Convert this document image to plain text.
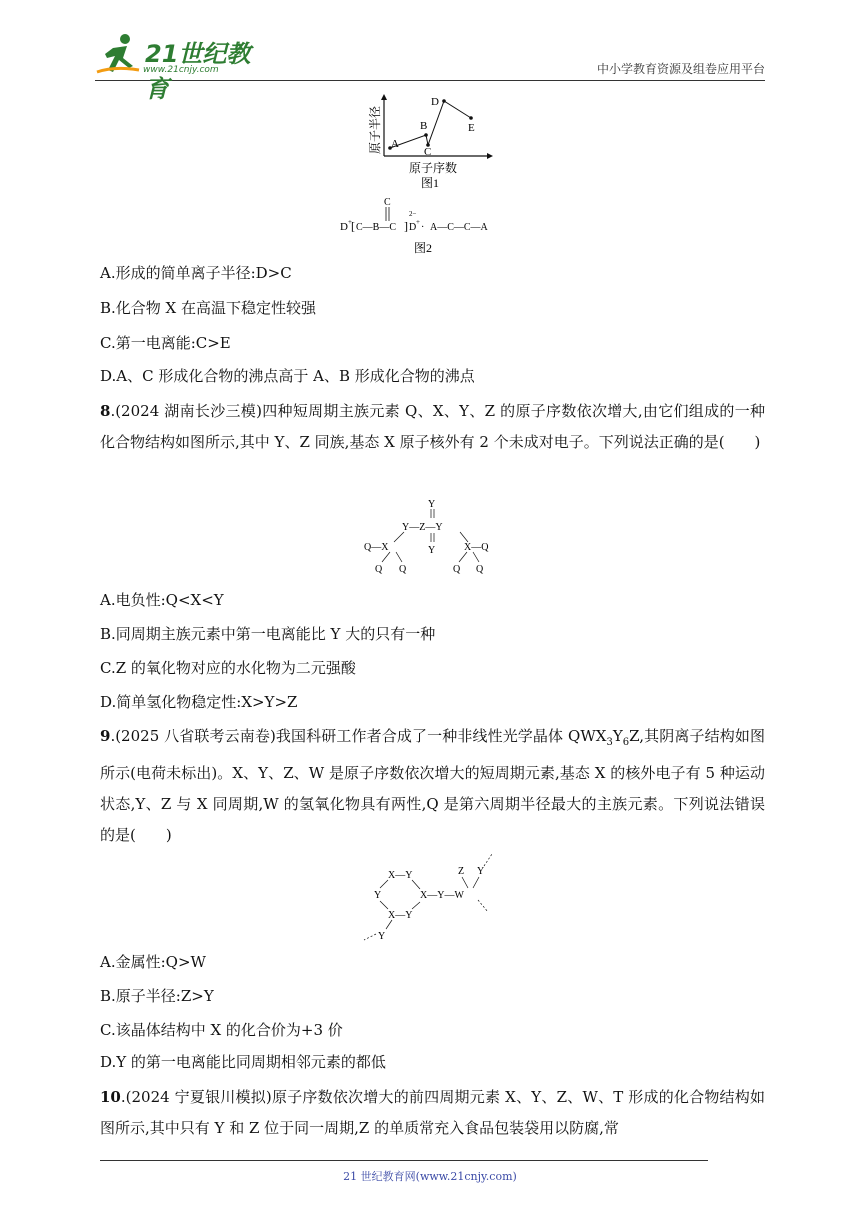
21世纪教育
www.21cnjy.com	中小学教育资源及组卷应用平台
原子半径 A
B
C
D
E
原子序数
图1
D + [ C—B—C
C
]
2−
D + · A—C—C—A
图2
A.形成的简单离子半径:D>C
B.化合物 X 在高温下稳定性较强
C.第一电离能:C>E
D.A、C 形成化合物的沸点高于 A、B 形成化合物的沸点
8.(2024 湖南长沙三模)四种短周期主族元素 Q、X、Y、Z 的原子序数依次增大,由它们组成的一种化合物结构如图所示,其中 Y、Z 同族,基态 X 原子核外有 2 个未成对电子。下列说法正确的是(　　)
Y
Y—Z—Y
Y
Q—X	X—Q
Q Q	Q Q
A.电负性:Q<X<Y
B.同周期主族元素中第一电离能比 Y 大的只有一种
C.Z 的氧化物对应的水化物为二元强酸
D.简单氢化物稳定性:X>Y>Z
9.(2025 八省联考云南卷)我国科研工作者合成了一种非线性光学晶体 $QWX_3Y_6Z$,其阴离子结构如图所示(电荷未标出)。X、Y、Z、W 是原子序数依次增大的短周期元素,基态 X 的核外电子有 5 种运动状态,Y、Z 与 X 同周期,W 的氢氧化物具有两性,Q 是第六周期半径最大的主族元素。下列说法错误的是(　　)
X—Y
Y	X—Y—W
X—Y
Y
Z Y
A.金属性:Q>W
B.原子半径:Z>Y
C.该晶体结构中 X 的化合价为+3 价
D.Y 的第一电离能比同周期相邻元素的都低
10.(2024 宁夏银川模拟)原子序数依次增大的前四周期元素 X、Y、Z、W、T 形成的化合物结构如图所示,其中只有 Y 和 Z 位于同一周期,Z 的单质常充入食品包装袋用以防腐,常
21 世纪教育网(www.21cnjy.com)
